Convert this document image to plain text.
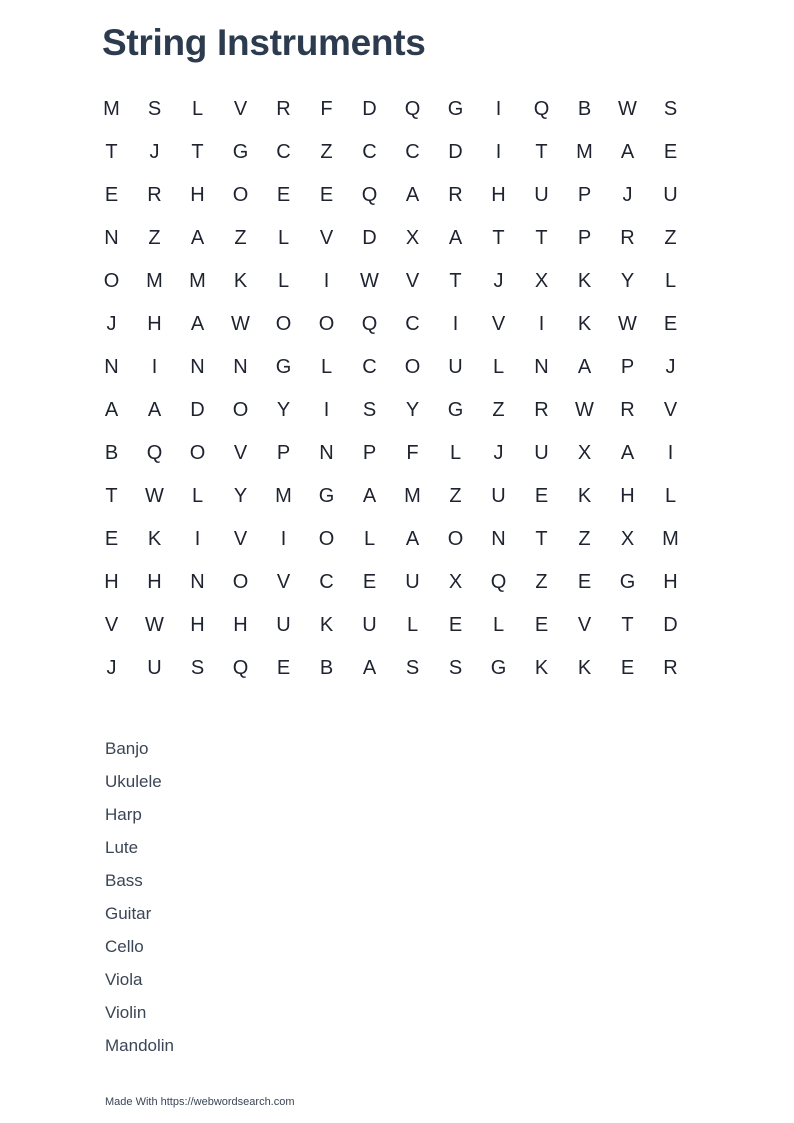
String Instruments
M	S	L	V	R	F	D	Q	G	I	Q	B	W	S
T	J	T	G	C	Z	C	C	D	I	T	M	A	E
E	R	H	O	E	E	Q	A	R	H	U	P	J	U
N	Z	A	Z	L	V	D	X	A	T	T	P	R	Z
O	M	M	K	L	I	W	V	T	J	X	K	Y	L
J	H	A	W	O	O	Q	C	I	V	I	K	W	E
N	I	N	N	G	L	C	O	U	L	N	A	P	J
A	A	D	O	Y	I	S	Y	G	Z	R	W	R	V
B	Q	O	V	P	N	P	F	L	J	U	X	A	I
T	W	L	Y	M	G	A	M	Z	U	E	K	H	L
E	K	I	V	I	O	L	A	O	N	T	Z	X	M
H	H	N	O	V	C	E	U	X	Q	Z	E	G	H
V	W	H	H	U	K	U	L	E	L	E	V	T	D
J	U	S	Q	E	B	A	S	S	G	K	K	E	R
Banjo
Ukulele
Harp
Lute
Bass
Guitar
Cello
Viola
Violin
Mandolin
Made With https://webwordsearch.com
